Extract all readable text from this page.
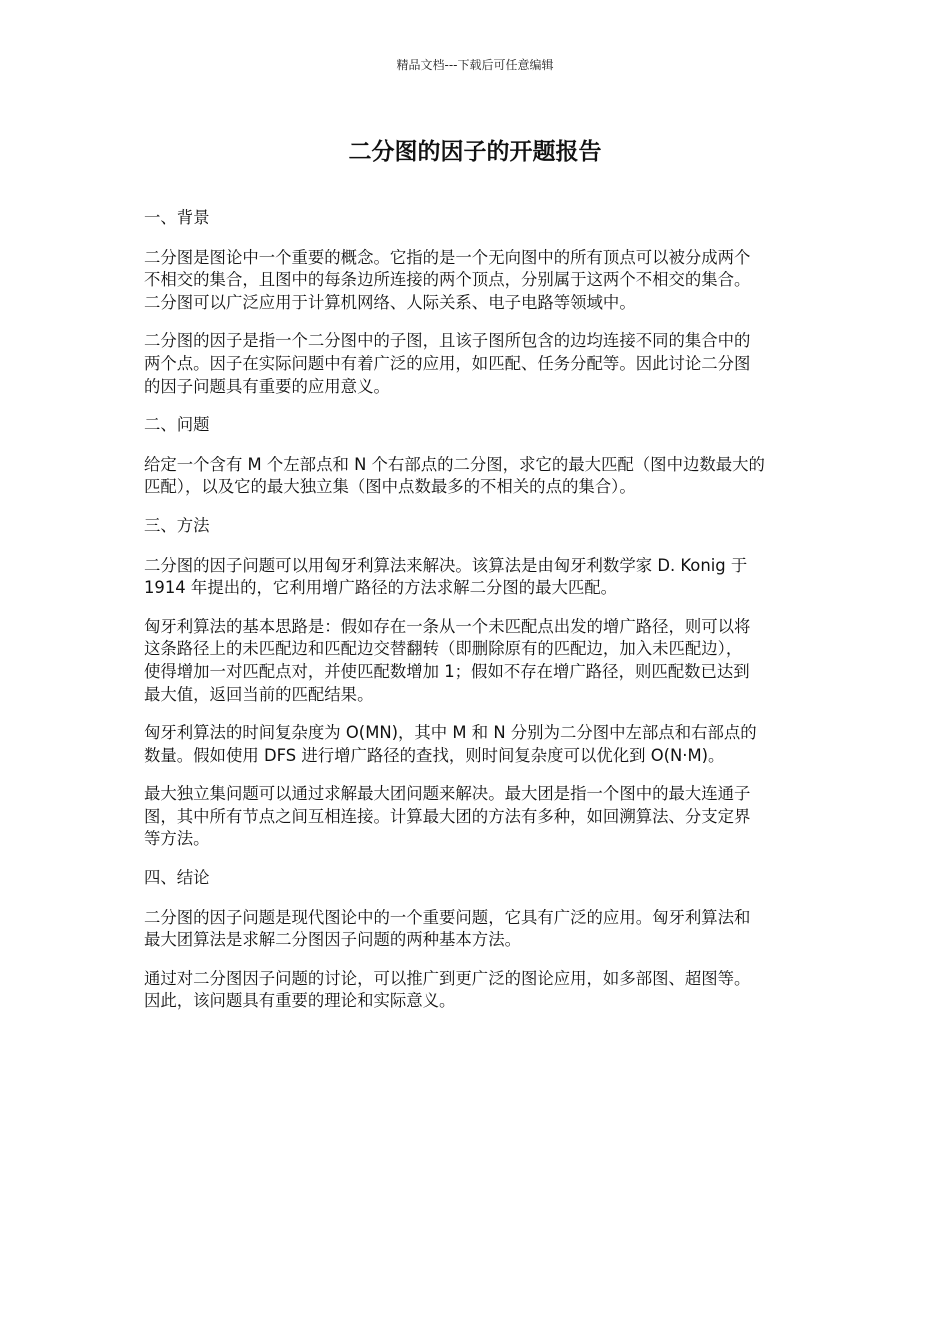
精品文档---下载后可任意编辑
二分图的因子的开题报告

一、背景

二分图是图论中一个重要的概念。它指的是一个无向图中的所有顶点可以被分成两个
不相交的集合，且图中的每条边所连接的两个顶点，分别属于这两个不相交的集合。
二分图可以广泛应用于计算机网络、人际关系、电子电路等领域中。

二分图的因子是指一个二分图中的子图，且该子图所包含的边均连接不同的集合中的
两个点。因子在实际问题中有着广泛的应用，如匹配、任务分配等。因此讨论二分图
的因子问题具有重要的应用意义。

二、问题

给定一个含有 M 个左部点和 N 个右部点的二分图，求它的最大匹配（图中边数最大的
匹配），以及它的最大独立集（图中点数最多的不相关的点的集合）。

三、方法

二分图的因子问题可以用匈牙利算法来解决。该算法是由匈牙利数学家 D. Konig 于
1914 年提出的，它利用增广路径的方法求解二分图的最大匹配。

匈牙利算法的基本思路是：假如存在一条从一个未匹配点出发的增广路径，则可以将
这条路径上的未匹配边和匹配边交替翻转（即删除原有的匹配边，加入未匹配边），
使得增加一对匹配点对，并使匹配数增加 1；假如不存在增广路径，则匹配数已达到
最大值，返回当前的匹配结果。

匈牙利算法的时间复杂度为 O(MN)，其中 M 和 N 分别为二分图中左部点和右部点的
数量。假如使用 DFS 进行增广路径的查找，则时间复杂度可以优化到 O(N·M)。

最大独立集问题可以通过求解最大团问题来解决。最大团是指一个图中的最大连通子
图，其中所有节点之间互相连接。计算最大团的方法有多种，如回溯算法、分支定界
等方法。

四、结论

二分图的因子问题是现代图论中的一个重要问题，它具有广泛的应用。匈牙利算法和
最大团算法是求解二分图因子问题的两种基本方法。

通过对二分图因子问题的讨论，可以推广到更广泛的图论应用，如多部图、超图等。
因此，该问题具有重要的理论和实际意义。
